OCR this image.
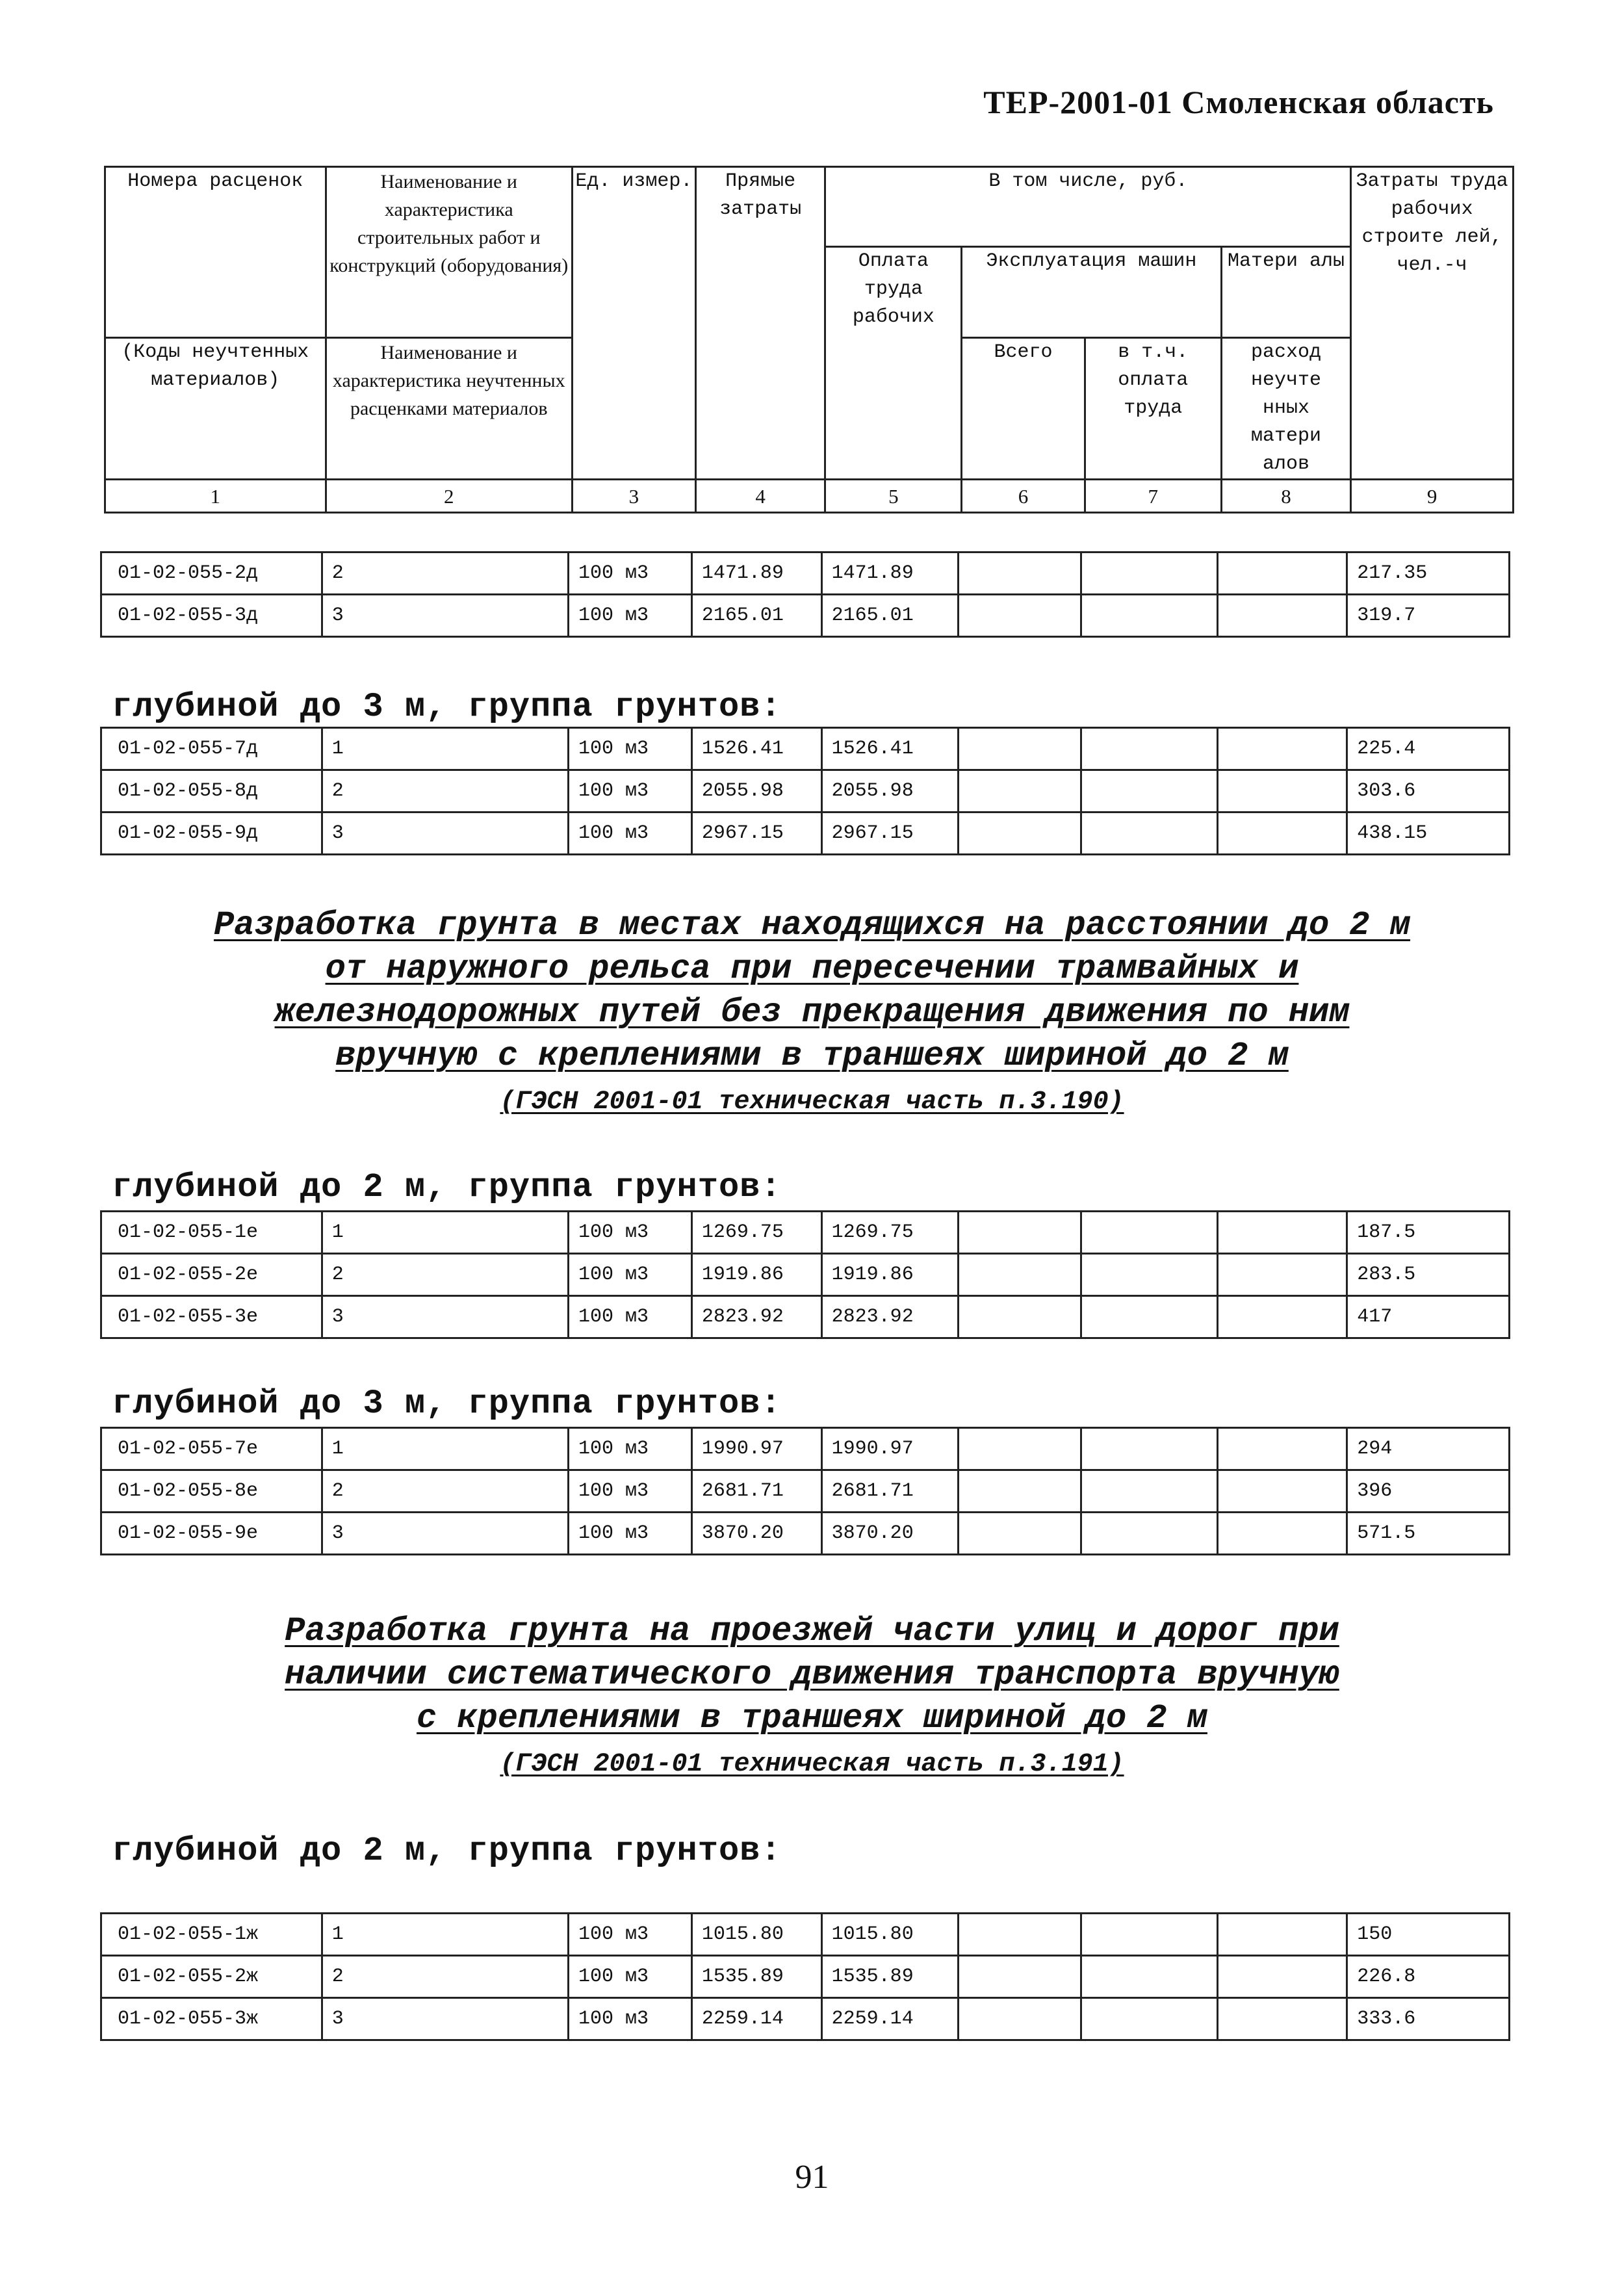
ТЕР-2001-01 Смоленская область
Номера расценок	Наименование и характеристика строительных работ и конструкций (оборудования)	Ед. измер.	Прямые затраты	В том числе, руб.				Затраты труда рабочих строите лей, чел.-ч
				Оплата труда рабочих	Эксплуатация машин		Матери алы	
(Коды неучтенных материалов)	Наименование и характеристика неучтенных расценками материалов				Всего	в т.ч. оплата труда	расход неучте нных матери алов	
1	2	3	4	5	6	7	8	9
глубиной до 3 м, группа грунтов:
глубиной до 2 м, группа грунтов:
глубиной до 3 м, группа грунтов:
глубиной до 2 м, группа грунтов:
Разработка грунта в местах находящихся на расстоянии до 2 м
от наружного рельса при пересечении трамвайных и
железнодорожных путей без прекращения движения по ним
вручную с креплениями в траншеях шириной до 2 м
(ГЭСН 2001-01 техническая часть п.3.190)
Разработка грунта на проезжей части улиц и дорог при
наличии систематического движения транспорта вручную
с креплениями в траншеях шириной до 2 м
(ГЭСН 2001-01 техническая часть п.3.191)
01-02-055-2д	2	100 м3	1471.89	1471.89				217.35
01-02-055-3д	3	100 м3	2165.01	2165.01				319.7
01-02-055-7д	1	100 м3	1526.41	1526.41				225.4
01-02-055-8д	2	100 м3	2055.98	2055.98				303.6
01-02-055-9д	3	100 м3	2967.15	2967.15				438.15
01-02-055-1е	1	100 м3	1269.75	1269.75				187.5
01-02-055-2е	2	100 м3	1919.86	1919.86				283.5
01-02-055-3е	3	100 м3	2823.92	2823.92				417
01-02-055-7е	1	100 м3	1990.97	1990.97				294
01-02-055-8е	2	100 м3	2681.71	2681.71				396
01-02-055-9е	3	100 м3	3870.20	3870.20				571.5
01-02-055-1ж	1	100 м3	1015.80	1015.80				150
01-02-055-2ж	2	100 м3	1535.89	1535.89				226.8
01-02-055-3ж	3	100 м3	2259.14	2259.14				333.6
91
